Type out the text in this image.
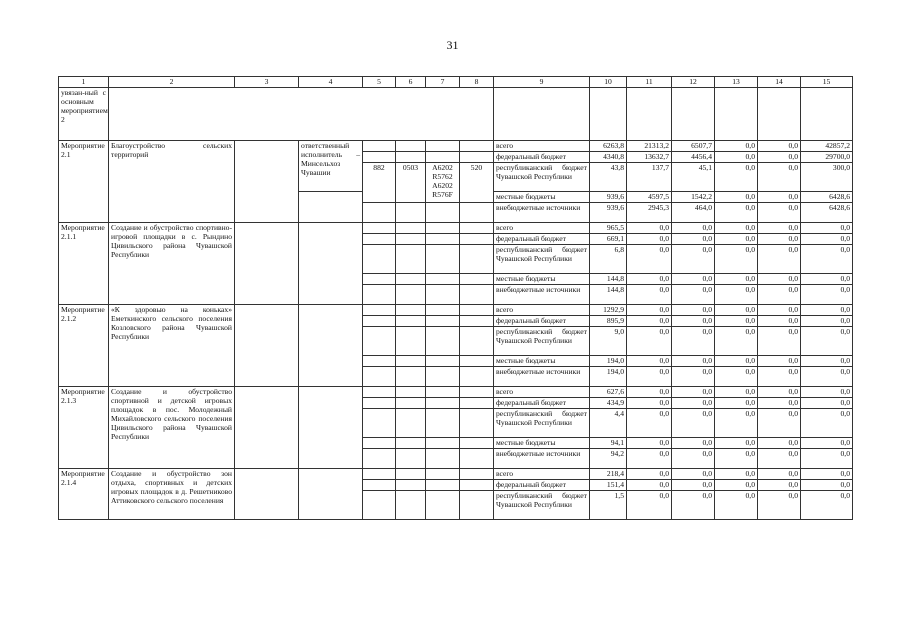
31
1	2	3	4	5	6	7	8	9	10	11	12	13	14	15
увязан-ный с основным мероприятием 2														
Мероприятие 2.1	Благоустройство сельских территорий		ответственный исполнитель – Минсельхоз Чувашии					всего	6263,8	21313,2	6507,7	0,0	0,0	42857,2
								федеральный бюджет	4340,8	13632,7	4456,4	0,0	0,0	29700,0
				882	0503	A6202 R5762 A6202 R576F	520	республиканский бюджет Чувашской Республики	43,8	137,7	45,1	0,0	0,0	300,0
								местные бюджеты	939,6	4597,5	1542,2	0,0	0,0	6428,6
								внебюджетные источники	939,6	2945,3	464,0	0,0	0,0	6428,6
Мероприятие 2.1.1	Создание и обустройство спортивно-игровой площадки в с. Рындино Цивильского района Чувашской Республики							всего	965,5	0,0	0,0	0,0	0,0	0,0
								федеральный бюджет	669,1	0,0	0,0	0,0	0,0	0,0
								республиканский бюджет Чувашской Республики	6,8	0,0	0,0	0,0	0,0	0,0
								местные бюджеты	144,8	0,0	0,0	0,0	0,0	0,0
								внебюджетные источники	144,8	0,0	0,0	0,0	0,0	0,0
Мероприятие 2.1.2	«К здоровью на коньках» Еметкинского сельского поселения Козловского района Чувашской Республики							всего	1292,9	0,0	0,0	0,0	0,0	0,0
								федеральный бюджет	895,9	0,0	0,0	0,0	0,0	0,0
								республиканский бюджет Чувашской Республики	9,0	0,0	0,0	0,0	0,0	0,0
								местные бюджеты	194,0	0,0	0,0	0,0	0,0	0,0
								внебюджетные источники	194,0	0,0	0,0	0,0	0,0	0,0
Мероприятие 2.1.3	Создание и обустройство спортивной и детской игровых площадок в пос. Молодежный Михайловского сельского поселения Цивильского района Чувашской Республики							всего	627,6	0,0	0,0	0,0	0,0	0,0
								федеральный бюджет	434,9	0,0	0,0	0,0	0,0	0,0
								республиканский бюджет Чувашской Республики	4,4	0,0	0,0	0,0	0,0	0,0
								местные бюджеты	94,1	0,0	0,0	0,0	0,0	0,0
								внебюджетные источники	94,2	0,0	0,0	0,0	0,0	0,0
Мероприятие 2.1.4	Создание и обустройство зон отдыха, спортивных и детских игровых площадок в д. Решетниково Аттиковского сельского поселения							всего	218,4	0,0	0,0	0,0	0,0	0,0
								федеральный бюджет	151,4	0,0	0,0	0,0	0,0	0,0
								республиканский бюджет Чувашской Республики	1,5	0,0	0,0	0,0	0,0	0,0
